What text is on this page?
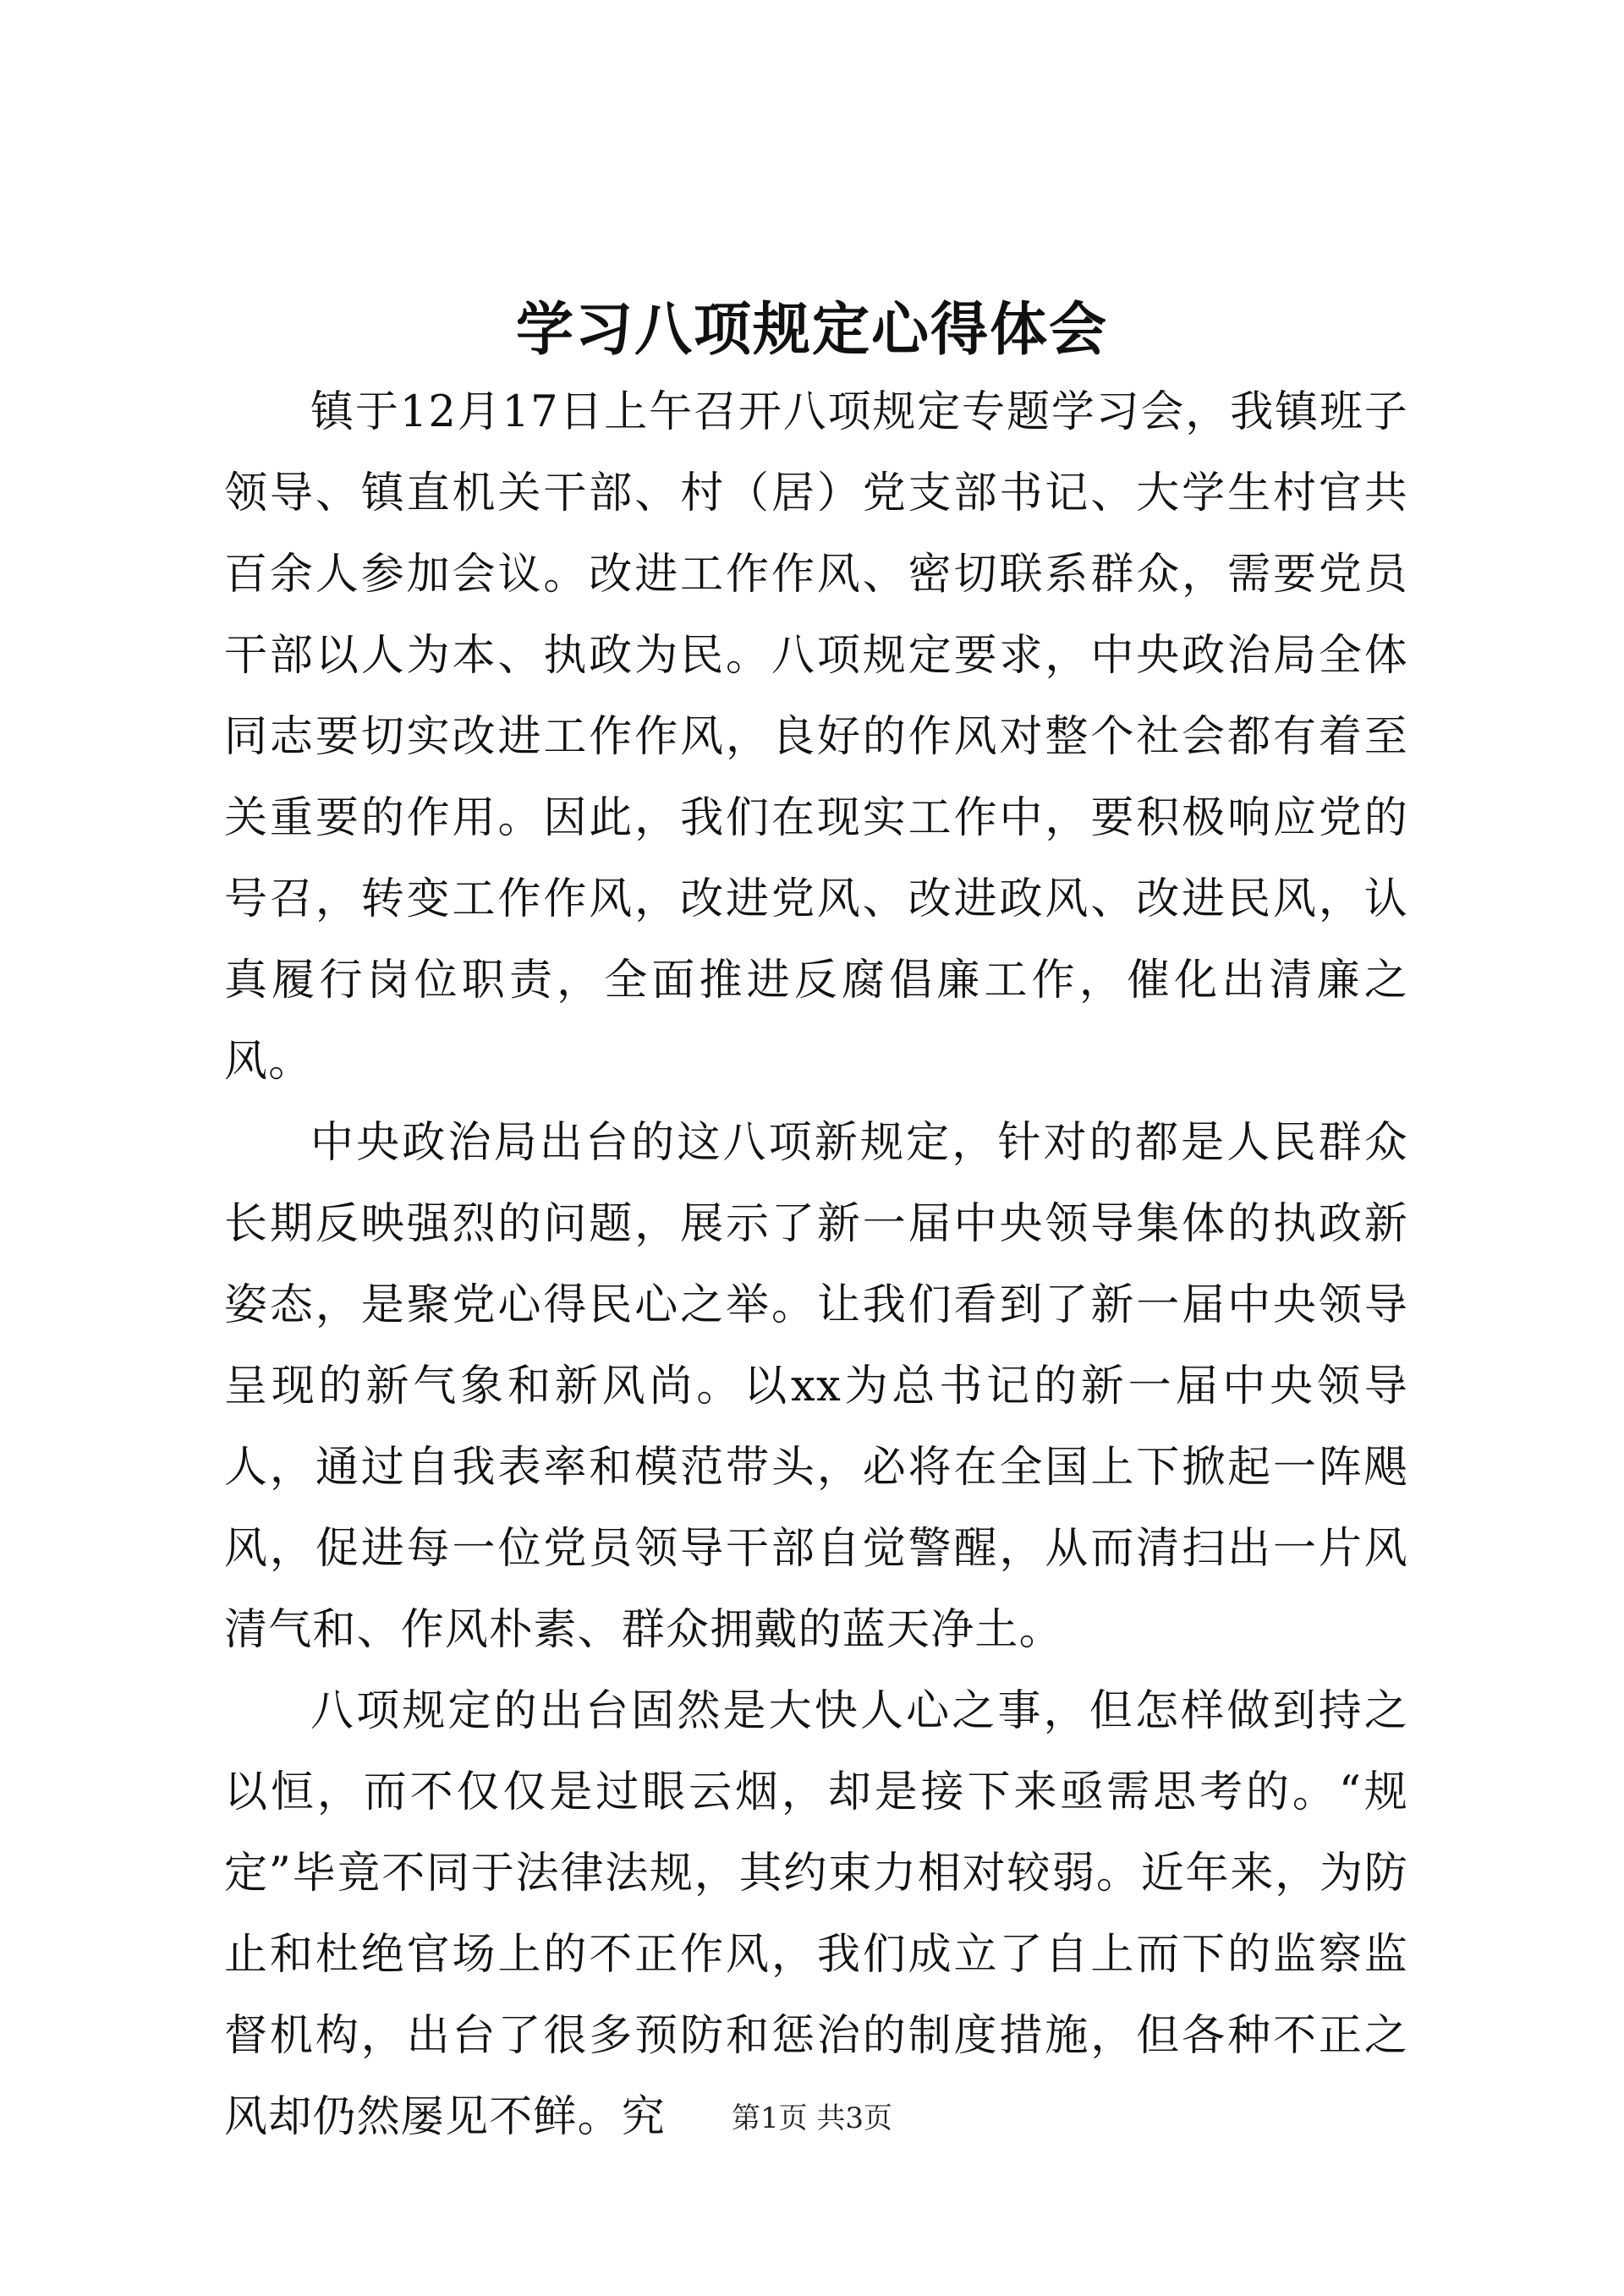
学习八项规定心得体会

镇于12月17日上午召开八项规定专题学习会，我镇班子领导、镇直机关干部、村（居）党支部书记、大学生村官共百余人参加会议。改进工作作风、密切联系群众，需要党员干部以人为本、执政为民。八项规定要求，中央政治局全体同志要切实改进工作作风，良好的作风对整个社会都有着至关重要的作用。因此，我们在现实工作中，要积极响应党的号召，转变工作作风，改进党风、改进政风、改进民风，认真履行岗位职责，全面推进反腐倡廉工作，催化出清廉之风。

中央政治局出台的这八项新规定，针对的都是人民群众长期反映强烈的问题，展示了新一届中央领导集体的执政新姿态，是聚党心得民心之举。让我们看到了新一届中央领导呈现的新气象和新风尚。以xx为总书记的新一届中央领导人，通过自我表率和模范带头，必将在全国上下掀起一阵飓风，促进每一位党员领导干部自觉警醒，从而清扫出一片风清气和、作风朴素、群众拥戴的蓝天净土。

八项规定的出台固然是大快人心之事，但怎样做到持之以恒，而不仅仅是过眼云烟，却是接下来亟需思考的。“规定”毕竟不同于法律法规，其约束力相对较弱。近年来，为防止和杜绝官场上的不正作风，我们成立了自上而下的监察监督机构，出台了很多预防和惩治的制度措施，但各种不正之风却仍然屡见不鲜。究	第1页 共3页
